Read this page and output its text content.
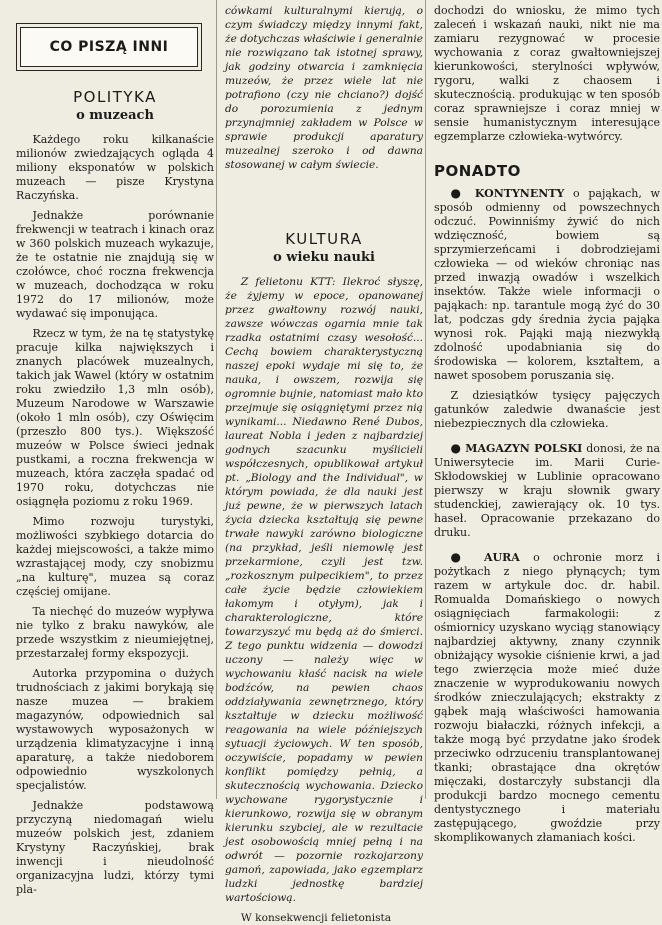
CO PISZĄ INNI
POLITYKA
o muzeach

Każdego roku kilkanaście milionów zwiedzających ogląda 4 miliony eksponatów w polskich muzeach — pisze Krystyna Raczyńska.

Jednakże porównanie frekwencji w teatrach i kinach oraz w 360 polskich muzeach wykazuje, że te ostatnie nie znajdują się w czołówce, choć roczna frekwencja w muzeach, dochodząca w roku 1972 do 17 milionów, może wydawać się imponująca.

Rzecz w tym, że na tę statystykę pracuje kilka największych i znanych placówek muzealnych, takich jak Wawel (który w ostatnim roku zwiedziło 1,3 mln osób), Muzeum Narodowe w Warszawie (około 1 mln osób), czy Oświęcim (przeszło 800 tys.). Większość muzeów w Polsce świeci jednak pustkami, a roczna frekwencja w muzeach, która zaczęła spadać od 1970 roku, dotychczas nie osiągnęła poziomu z roku 1969.

Mimo rozwoju turystyki, możliwości szybkiego dotarcia do każdej miejscowości, a także mimo wzrastającej mody, czy snobizmu „na kulturę", muzea są coraz częściej omijane.

Ta niechęć do muzeów wypływa nie tylko z braku nawyków, ale przede wszystkim z nieumiejętnej, przestarzałej formy ekspozycji.

Autorka przypomina o dużych trudnościach z jakimi borykają się nasze muzea — brakiem magazynów, odpowiednich sal wystawowych wyposażonych w urządzenia klimatyzacyjne i inną aparaturę, a także niedoborem odpowiednio wyszkolonych specjalistów.

Jednakże podstawową przyczyną niedomagań wielu muzeów polskich jest, zdaniem Krystyny Raczyńskiej, brak inwencji i nieudolność organizacyjna ludzi, którzy tymi pla-

cówkami kulturalnymi kierują, o czym świadczy między innymi fakt, że dotychczas właściwie i generalnie nie rozwiązano tak istotnej sprawy, jak godziny otwarcia i zamknięcia muzeów, że przez wiele lat nie potrafiono (czy nie chciano?) dojść do porozumienia z jednym przynajmniej zakładem w Polsce w sprawie produkcji aparatury muzealnej szeroko i od dawna stosowanej w całym świecie.

KULTURA
o wieku nauki

Z felietonu KTT: Ilekroć słyszę, że żyjemy w epoce, opanowanej przez gwałtowny rozwój nauki, zawsze wówczas ogarnia mnie tak rzadka ostatnimi czasy wesołość... Cechą bowiem charakterystyczną naszej epoki wydaje mi się to, że nauka, i owszem, rozwija się ogromnie bujnie, natomiast mało kto przejmuje się osiągniętymi przez nią wynikami... Niedawno René Dubos, laureat Nobla i jeden z najbardziej godnych szacunku myślicieli współczesnych, opublikował artykuł pt. „Biology and the Individual", w którym powiada, że dla nauki jest już pewne, że w pierwszych latach życia dziecka kształtują się pewne trwałe nawyki zarówno biologiczne (na przykład, jeśli niemowlę jest przekarmione, czyli jest tzw. „rozkosznym pulpecikiem", to przez całe życie będzie człowiekiem łakomym i otyłym), jak i charakterologiczne, które towarzyszyć mu będą aż do śmierci. Z tego punktu widzenia — dowodzi uczony — należy więc w wychowaniu kłaść nacisk na wiele bodźców, na pewien chaos oddziaływania zewnętrznego, który kształtuje w dziecku możliwość reagowania na wiele późniejszych sytuacji życiowych. W ten sposób, oczywiście, popadamy w pewien konflikt pomiędzy pełnią, a skutecznością wychowania. Dziecko wychowane rygorystycznie i kierunkowo, rozwija się w obranym kierunku szybciej, ale w rezultacie jest osobowością mniej pełną i na odwrót — pozornie rozkojarzony gamoń, zapowiada, jako egzemplarz ludzki jednostkę bardziej wartościową.

W konsekwencji felietonista

dochodzi do wniosku, że mimo tych zaleceń i wskazań nauki, nikt nie ma zamiaru rezygnować w procesie wychowania z coraz gwałtowniejszej kierunkowości, sterylności wpływów, rygoru, walki z chaosem i skutecznością. produkując w ten sposób coraz sprawniejsze i coraz mniej w sensie humanistycznym interesujące egzemplarze człowieka-wytwórcy.

PONADTO

● KONTYNENTY o pająkach, w sposób odmienny od powszechnych odczuć. Powinniśmy żywić do nich wdzięczność, bowiem są sprzymierzeńcami i dobrodziejami człowieka — od wieków chroniąc nas przed inwazją owadów i wszelkich insektów. Także wiele informacji o pająkach: np. tarantule mogą żyć do 30 lat, podczas gdy średnia życia pająka wynosi rok. Pająki mają niezwykłą zdolność upodabniania się do środowiska — kolorem, kształtem, a nawet sposobem poruszania się.

Z dziesiątków tysięcy pajęczych gatunków zaledwie dwanaście jest niebezpiecznych dla człowieka.

● MAGAZYN POLSKI donosi, że na Uniwersytecie im. Marii Curie-Skłodowskiej w Lublinie opracowano pierwszy w kraju słownik gwary studenckiej, zawierający ok. 10 tys. haseł. Opracowanie przekazano do druku.

● AURA o ochronie morz i pożytkach z niego płynących; tym razem w artykule doc. dr. habil. Romualda Domańskiego o nowych osiągnięciach farmakologii: z ośmiornicy uzyskano wyciąg stanowiący najbardziej aktywny, znany czynnik obniżający wysokie ciśnienie krwi, a jad tego zwierzęcia może mieć duże znaczenie w wyprodukowaniu nowych środków znieczulających; ekstrakty z gąbek mają właściwości hamowania rozwoju białaczki, różnych infekcji, a także mogą być przydatne jako środek przeciwko odrzuceniu transplantowanej tkanki; obrastające dna okrętów mięczaki, dostarczyły substancji dla produkcji bardzo mocnego cementu dentystycznego i materiału zastępującego, gwoździe przy skomplikowanych złamaniach kości.
